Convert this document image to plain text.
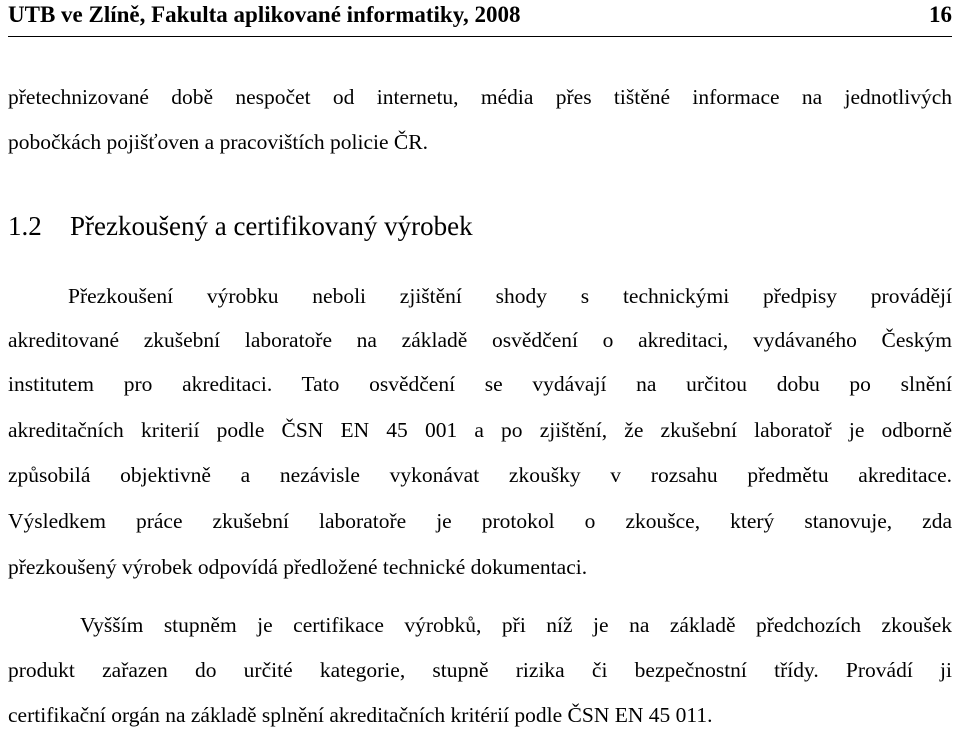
UTB ve Zlíně, Fakulta aplikované informatiky, 2008	16
přetechnizované době nespočet od internetu, média přes tištěné informace na jednotlivých
pobočkách pojišťoven a pracovištích policie ČR.
1.2 Přezkoušený a certifikovaný výrobek
Přezkoušení výrobku neboli zjištění shody s technickými předpisy provádějí
akreditované zkušební laboratoře na základě osvědčení o akreditaci, vydávaného Českým
institutem pro akreditaci. Tato osvědčení se vydávají na určitou dobu po slnění
akreditačních kriterií podle ČSN EN 45 001 a po zjištění, že zkušební laboratoř je odborně
způsobilá objektivně a nezávisle vykonávat zkoušky v rozsahu předmětu akreditace.
Výsledkem práce zkušební laboratoře je protokol o zkoušce, který stanovuje, zda
přezkoušený výrobek odpovídá předložené technické dokumentaci.
Vyšším stupněm je certifikace výrobků, při níž je na základě předchozích zkoušek
produkt zařazen do určité kategorie, stupně rizika či bezpečnostní třídy. Provádí ji
certifikační orgán na základě splnění akreditačních kritérií podle ČSN EN 45 011.
